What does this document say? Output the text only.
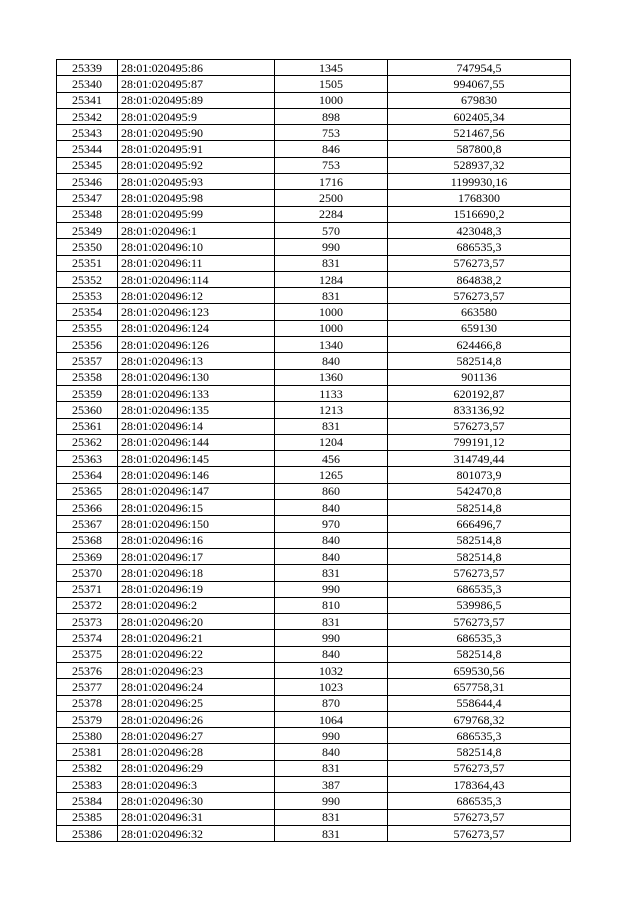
25339	28:01:020495:86	1345	747954,5
25340	28:01:020495:87	1505	994067,55
25341	28:01:020495:89	1000	679830
25342	28:01:020495:9	898	602405,34
25343	28:01:020495:90	753	521467,56
25344	28:01:020495:91	846	587800,8
25345	28:01:020495:92	753	528937,32
25346	28:01:020495:93	1716	1199930,16
25347	28:01:020495:98	2500	1768300
25348	28:01:020495:99	2284	1516690,2
25349	28:01:020496:1	570	423048,3
25350	28:01:020496:10	990	686535,3
25351	28:01:020496:11	831	576273,57
25352	28:01:020496:114	1284	864838,2
25353	28:01:020496:12	831	576273,57
25354	28:01:020496:123	1000	663580
25355	28:01:020496:124	1000	659130
25356	28:01:020496:126	1340	624466,8
25357	28:01:020496:13	840	582514,8
25358	28:01:020496:130	1360	901136
25359	28:01:020496:133	1133	620192,87
25360	28:01:020496:135	1213	833136,92
25361	28:01:020496:14	831	576273,57
25362	28:01:020496:144	1204	799191,12
25363	28:01:020496:145	456	314749,44
25364	28:01:020496:146	1265	801073,9
25365	28:01:020496:147	860	542470,8
25366	28:01:020496:15	840	582514,8
25367	28:01:020496:150	970	666496,7
25368	28:01:020496:16	840	582514,8
25369	28:01:020496:17	840	582514,8
25370	28:01:020496:18	831	576273,57
25371	28:01:020496:19	990	686535,3
25372	28:01:020496:2	810	539986,5
25373	28:01:020496:20	831	576273,57
25374	28:01:020496:21	990	686535,3
25375	28:01:020496:22	840	582514,8
25376	28:01:020496:23	1032	659530,56
25377	28:01:020496:24	1023	657758,31
25378	28:01:020496:25	870	558644,4
25379	28:01:020496:26	1064	679768,32
25380	28:01:020496:27	990	686535,3
25381	28:01:020496:28	840	582514,8
25382	28:01:020496:29	831	576273,57
25383	28:01:020496:3	387	178364,43
25384	28:01:020496:30	990	686535,3
25385	28:01:020496:31	831	576273,57
25386	28:01:020496:32	831	576273,57
